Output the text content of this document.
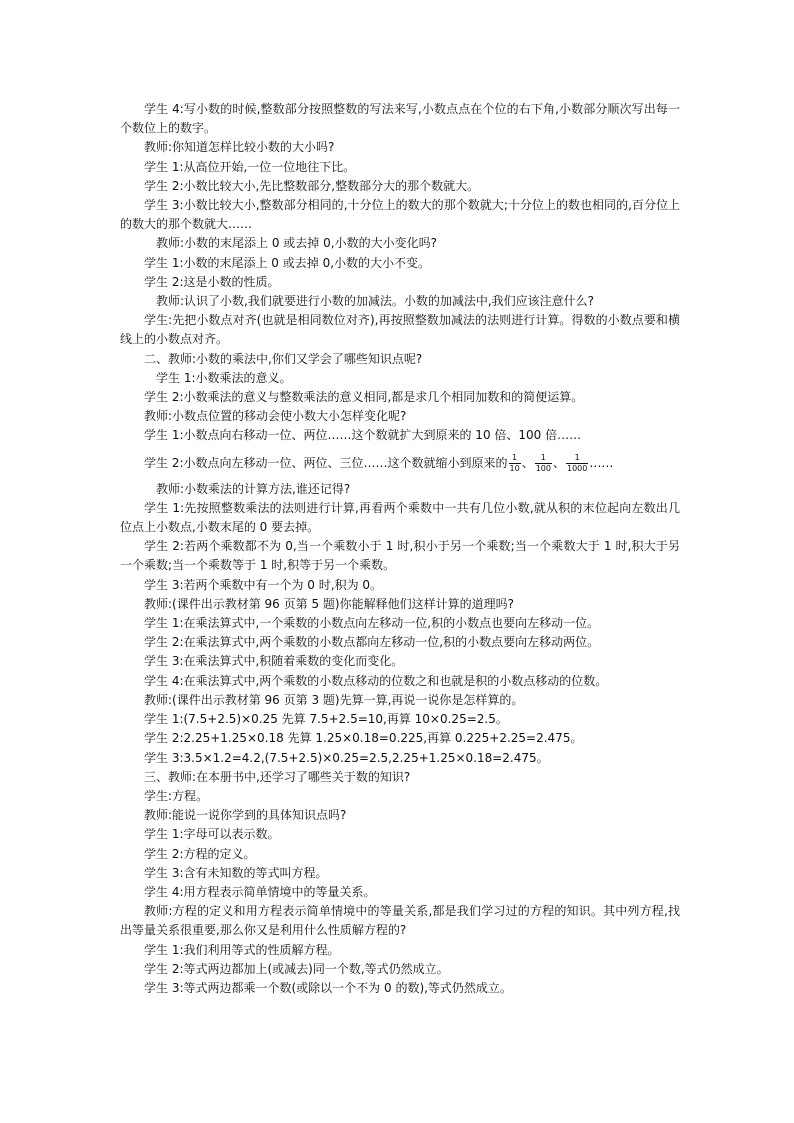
学生 4:写小数的时候,整数部分按照整数的写法来写,小数点点在个位的右下角,小数部分顺次写出每一个数位上的数字。

教师:你知道怎样比较小数的大小吗?

学生 1:从高位开始,一位一位地往下比。

学生 2:小数比较大小,先比整数部分,整数部分大的那个数就大。

学生 3:小数比较大小,整数部分相同的,十分位上的数大的那个数就大;十分位上的数也相同的,百分位上的数大的那个数就大……

教师:小数的末尾添上 0 或去掉 0,小数的大小变化吗?

学生 1:小数的末尾添上 0 或去掉 0,小数的大小不变。

学生 2:这是小数的性质。

教师:认识了小数,我们就要进行小数的加减法。小数的加减法中,我们应该注意什么?

学生:先把小数点对齐(也就是相同数位对齐),再按照整数加减法的法则进行计算。得数的小数点要和横线上的小数点对齐。

二、教师:小数的乘法中,你们又学会了哪些知识点呢?

学生 1:小数乘法的意义。

学生 2:小数乘法的意义与整数乘法的意义相同,都是求几个相同加数和的简便运算。

教师:小数点位置的移动会使小数大小怎样变化呢?

学生 1:小数点向右移动一位、两位……这个数就扩大到原来的 10 倍、100 倍……

学生 2:小数点向左移动一位、两位、三位……这个数就缩小到原来的 $\frac{1}{10}$ 、 $\frac{1}{100}$ 、 $\frac{1}{1000}$ ……

教师:小数乘法的计算方法,谁还记得?

学生 1:先按照整数乘法的法则进行计算,再看两个乘数中一共有几位小数,就从积的末位起向左数出几位点上小数点,小数末尾的 0 要去掉。

学生 2:若两个乘数都不为 0,当一个乘数小于 1 时,积小于另一个乘数;当一个乘数大于 1 时,积大于另一个乘数;当一个乘数等于 1 时,积等于另一个乘数。

学生 3:若两个乘数中有一个为 0 时,积为 0。

教师:(课件出示教材第 96 页第 5 题)你能解释他们这样计算的道理吗?

学生 1:在乘法算式中,一个乘数的小数点向左移动一位,积的小数点也要向左移动一位。

学生 2:在乘法算式中,两个乘数的小数点都向左移动一位,积的小数点要向左移动两位。

学生 3:在乘法算式中,积随着乘数的变化而变化。

学生 4:在乘法算式中,两个乘数的小数点移动的位数之和也就是积的小数点移动的位数。

教师:(课件出示教材第 96 页第 3 题)先算一算,再说一说你是怎样算的。

学生 1:(7.5+2.5)×0.25 先算 7.5+2.5=10,再算 10×0.25=2.5。

学生 2:2.25+1.25×0.18 先算 1.25×0.18=0.225,再算 0.225+2.25=2.475。

学生 3:3.5×1.2=4.2,(7.5+2.5)×0.25=2.5,2.25+1.25×0.18=2.475。

三、教师:在本册书中,还学习了哪些关于数的知识?

学生:方程。

教师:能说一说你学到的具体知识点吗?

学生 1:字母可以表示数。

学生 2:方程的定义。

学生 3:含有未知数的等式叫方程。

学生 4:用方程表示简单情境中的等量关系。

教师:方程的定义和用方程表示简单情境中的等量关系,都是我们学习过的方程的知识。其中列方程,找出等量关系很重要,那么你又是利用什么性质解方程的?

学生 1:我们利用等式的性质解方程。

学生 2:等式两边都加上(或减去)同一个数,等式仍然成立。

学生 3:等式两边都乘一个数(或除以一个不为 0 的数),等式仍然成立。
